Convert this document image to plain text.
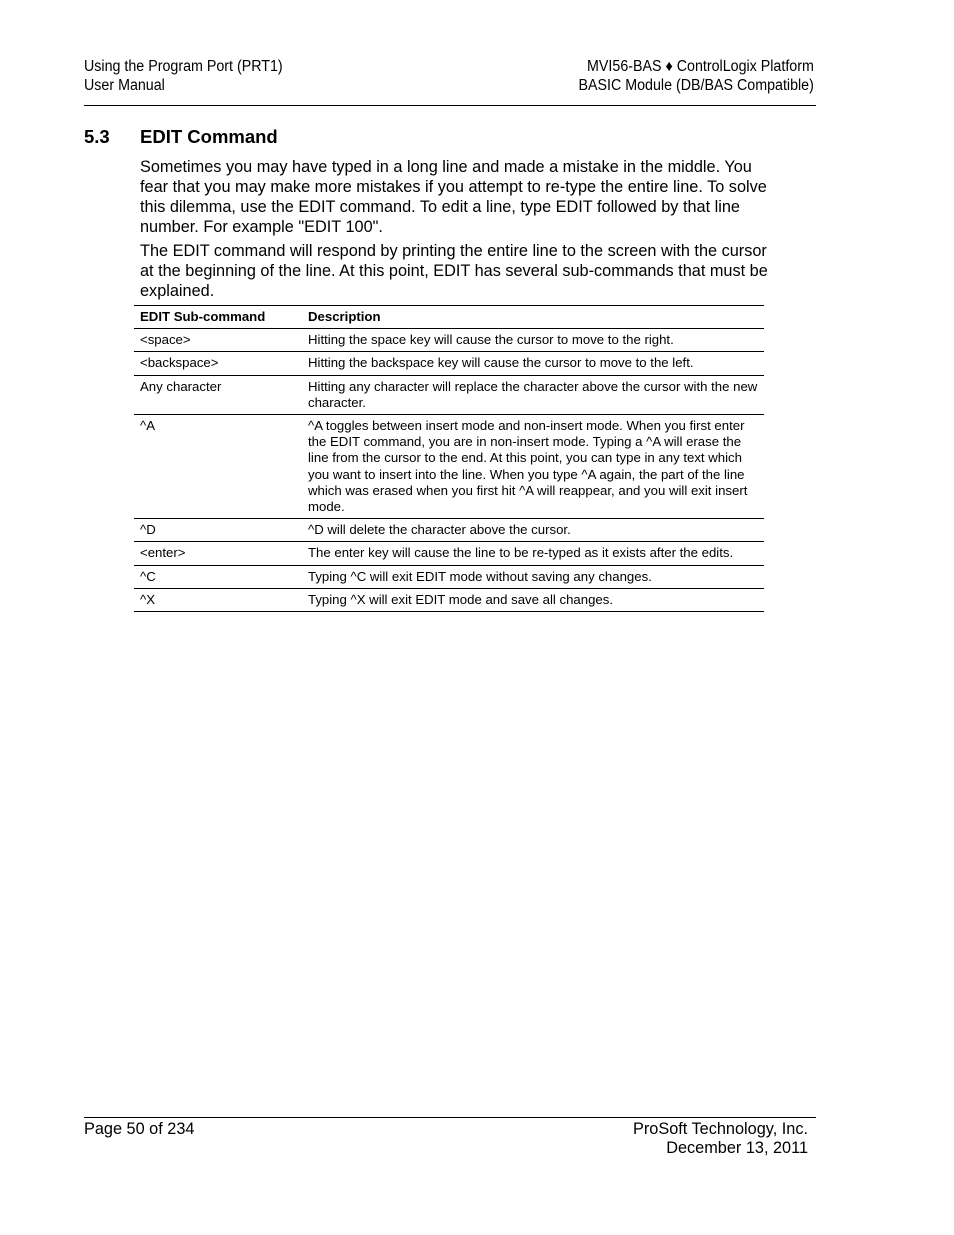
Using the Program Port (PRT1)
User Manual
MVI56-BAS ♦ ControlLogix Platform
BASIC Module (DB/BAS Compatible)
5.3 EDIT Command

Sometimes you may have typed in a long line and made a mistake in the middle. You fear that you may make more mistakes if you attempt to re-type the entire line. To solve this dilemma, use the EDIT command. To edit a line, type EDIT followed by that line number. For example "EDIT 100".

The EDIT command will respond by printing the entire line to the screen with the cursor at the beginning of the line. At this point, EDIT has several sub-commands that must be explained.

EDIT Sub-command	Description
<space>	Hitting the space key will cause the cursor to move to the right.
<backspace>	Hitting the backspace key will cause the cursor to move to the left.
Any character	Hitting any character will replace the character above the cursor with the new character.
^A	^A toggles between insert mode and non-insert mode. When you first enter the EDIT command, you are in non-insert mode. Typing a ^A will erase the line from the cursor to the end. At this point, you can type in any text which you want to insert into the line. When you type ^A again, the part of the line which was erased when you first hit ^A will reappear, and you will exit insert mode.
^D	^D will delete the character above the cursor.
<enter>	The enter key will cause the line to be re-typed as it exists after the edits.
^C	Typing ^C will exit EDIT mode without saving any changes.
^X	Typing ^X will exit EDIT mode and save all changes.
Page 50 of 234	ProSoft Technology, Inc.
December 13, 2011
